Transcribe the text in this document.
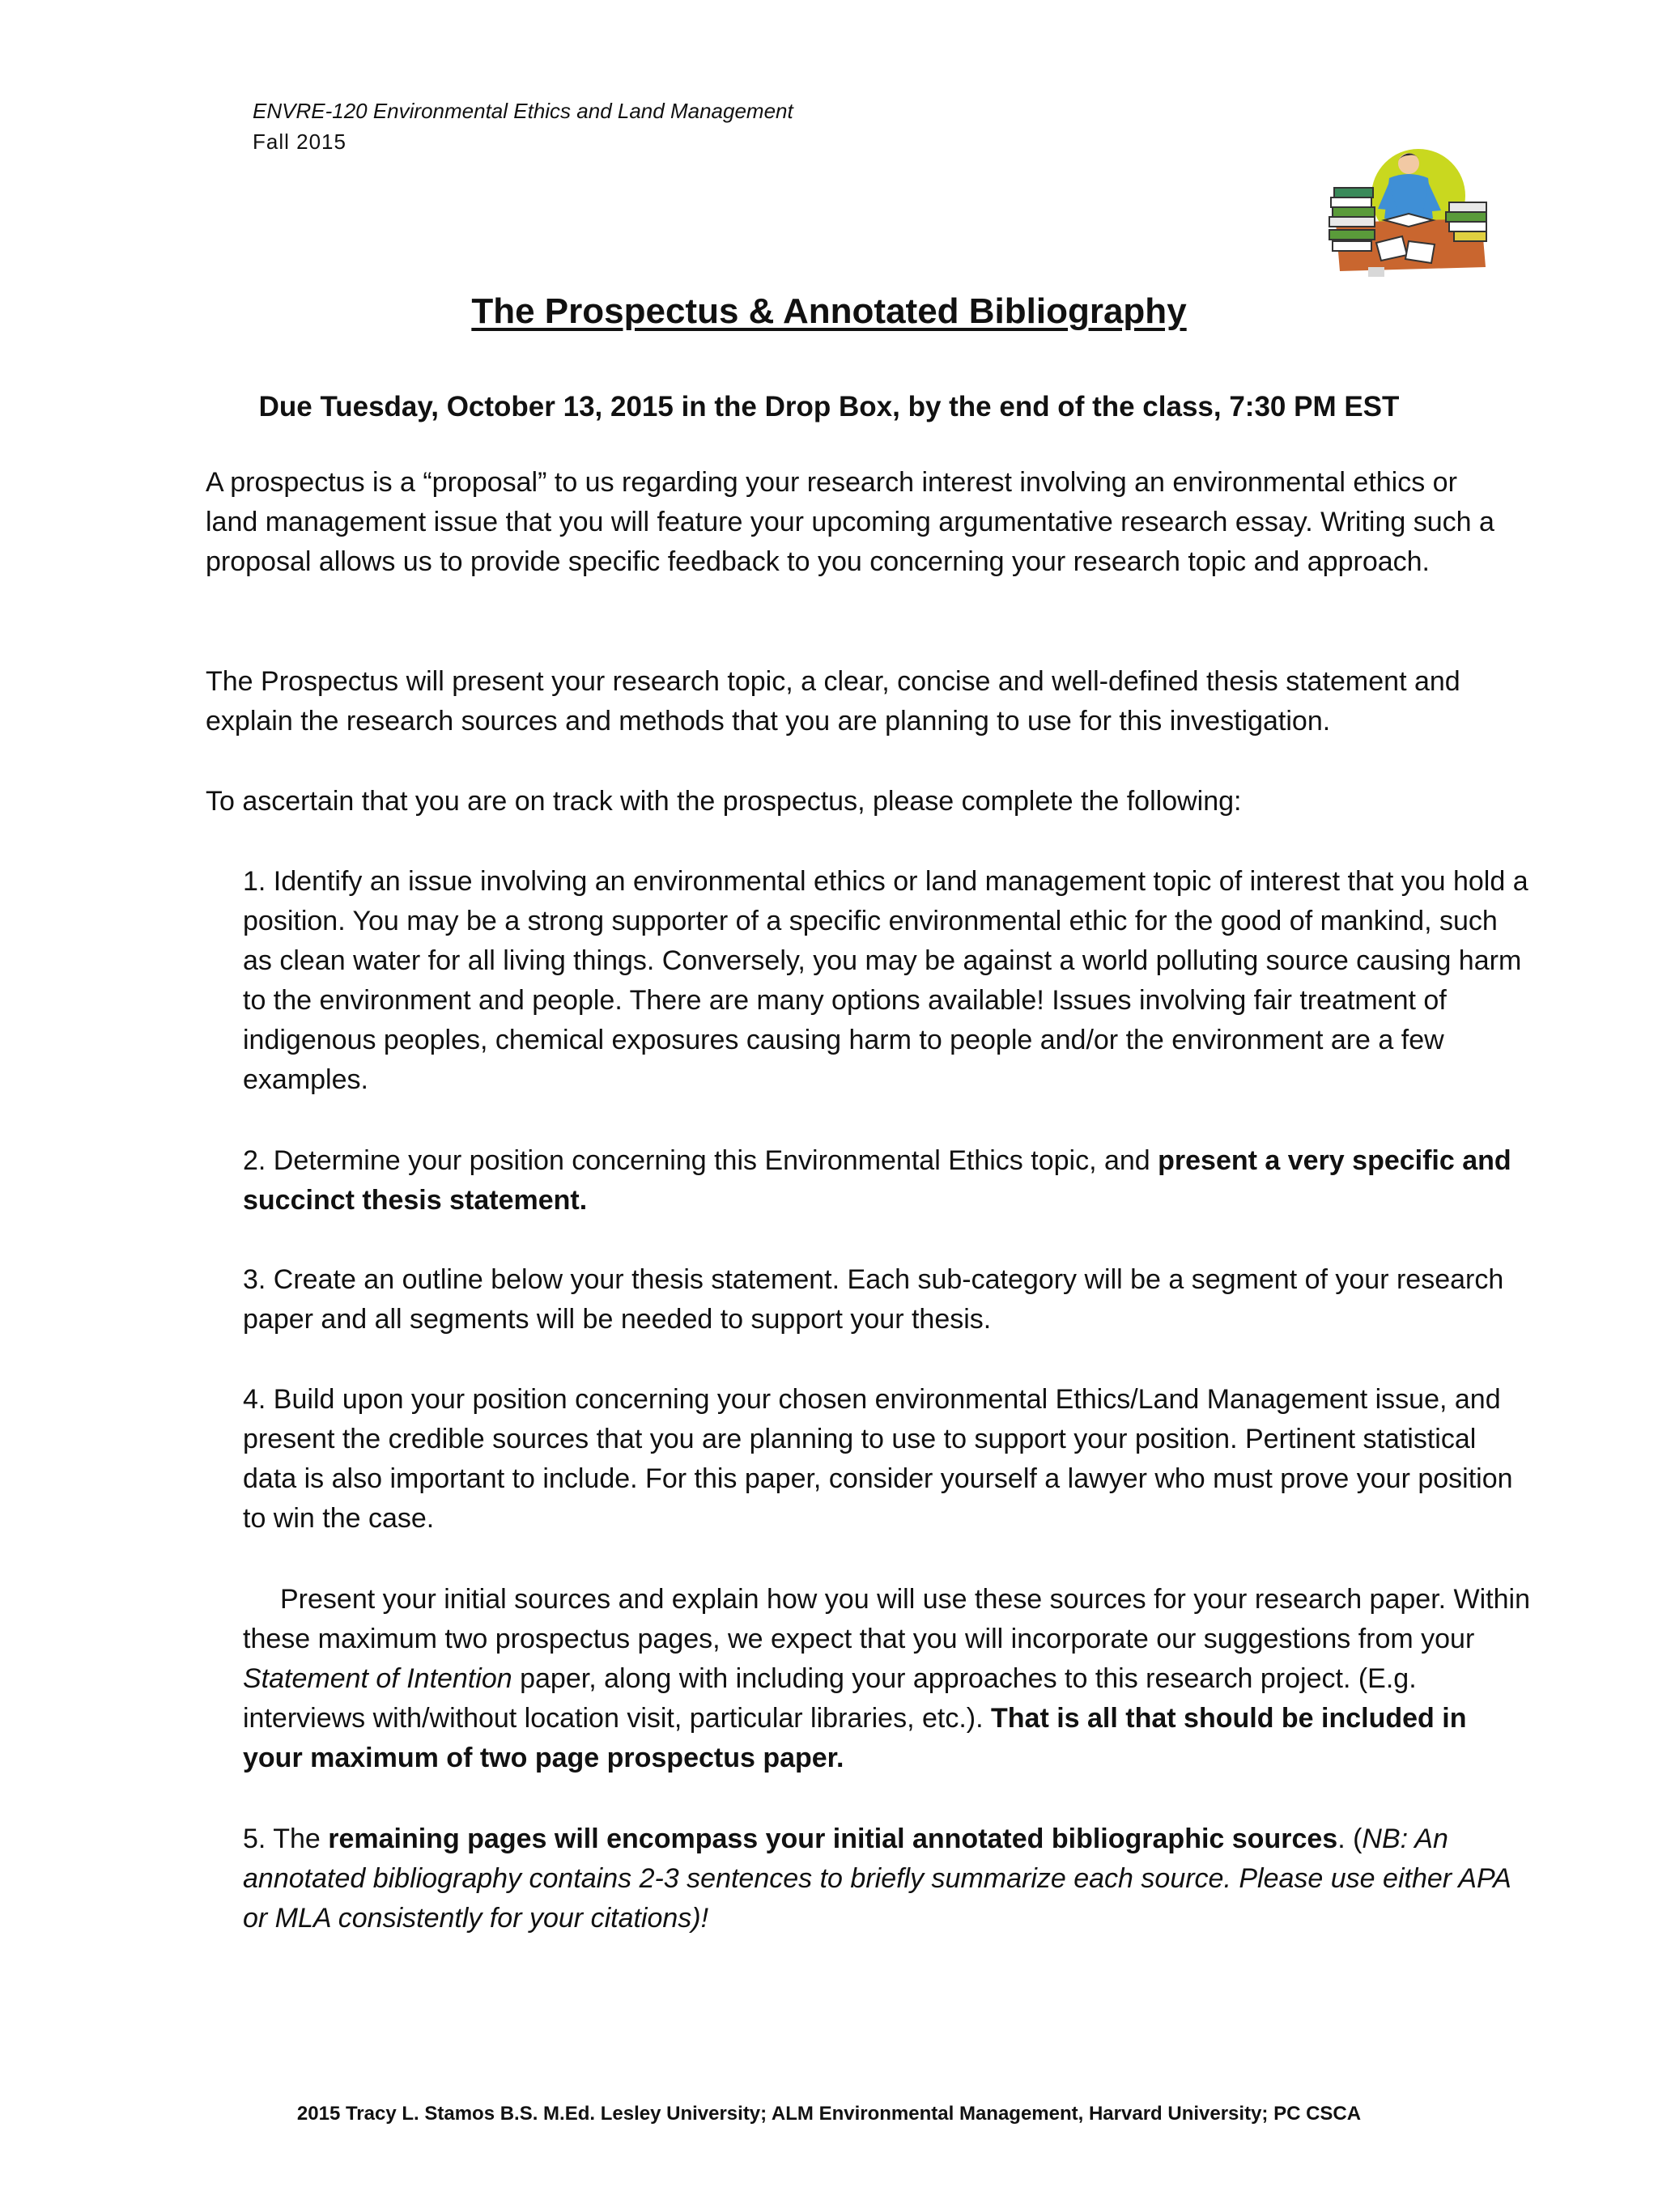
ENVRE-120 Environmental Ethics and Land Management
Fall 2015
The Prospectus & Annotated Bibliography
Due Tuesday, October 13, 2015 in the Drop Box, by the end of the class, 7:30 PM EST

A prospectus is a “proposal” to us regarding your research interest involving an environmental ethics or land management issue that you will feature your upcoming argumentative research essay. Writing such a proposal allows us to provide specific feedback to you concerning your research topic and approach.

The Prospectus will present your research topic, a clear, concise and well-defined thesis statement and explain the research sources and methods that you are planning to use for this investigation.

To ascertain that you are on track with the prospectus, please complete the following:

1. Identify an issue involving an environmental ethics or land management topic of interest that you hold a position. You may be a strong supporter of a specific environmental ethic for the good of mankind, such as clean water for all living things. Conversely, you may be against a world polluting source causing harm to the environment and people. There are many options available! Issues involving fair treatment of indigenous peoples, chemical exposures causing harm to people and/or the environment are a few examples.

2. Determine your position concerning this Environmental Ethics topic, and present a very specific and succinct thesis statement.

3. Create an outline below your thesis statement. Each sub-category will be a segment of your research paper and all segments will be needed to support your thesis.

4. Build upon your position concerning your chosen environmental Ethics/Land Management issue, and present the credible sources that you are planning to use to support your position. Pertinent statistical data is also important to include. For this paper, consider yourself a lawyer who must prove your position to win the case.

Present your initial sources and explain how you will use these sources for your research paper. Within these maximum two prospectus pages, we expect that you will incorporate our suggestions from your Statement of Intention paper, along with including your approaches to this research project. (E.g. interviews with/without location visit, particular libraries, etc.). That is all that should be included in your maximum of two page prospectus paper.

5. The remaining pages will encompass your initial annotated bibliographic sources. (NB: An annotated bibliography contains 2-3 sentences to briefly summarize each source. Please use either APA or MLA consistently for your citations)!

2015 Tracy L. Stamos B.S. M.Ed. Lesley University; ALM Environmental Management, Harvard University; PC CSCA
